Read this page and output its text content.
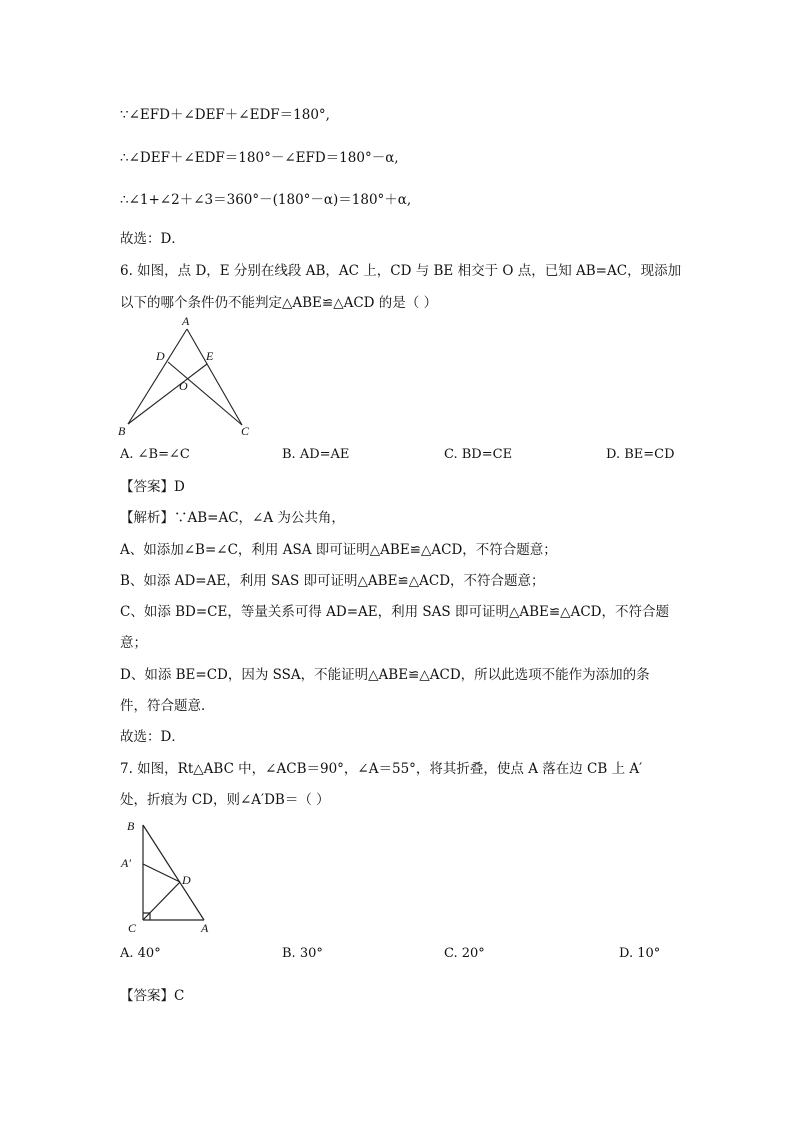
∵∠EFD＋∠DEF＋∠EDF＝180°,
∴∠DEF＋∠EDF＝180°－∠EFD＝180°－α,
∴∠1+∠2＋∠3＝360°－(180°－α)＝180°＋α,
故选：D．
6. 如图，点 D，E 分别在线段 AB，AC 上，CD 与 BE 相交于 O 点，已知 AB=AC，现添加
以下的哪个条件仍不能判定△ABE≌△ACD 的是（ ）
A
D	E
O
B	C
A. ∠B=∠C	B. AD=AE	C. BD=CE	D. BE=CD
【答案】D
【解析】∵AB=AC，∠A 为公共角，
A、如添加∠B=∠C，利用 ASA 即可证明△ABE≌△ACD，不符合题意；
B、如添 AD=AE，利用 SAS 即可证明△ABE≌△ACD，不符合题意；
C、如添 BD=CE，等量关系可得 AD=AE，利用 SAS 即可证明△ABE≌△ACD，不符合题
意；
D、如添 BE=CD，因为 SSA，不能证明△ABE≌△ACD，所以此选项不能作为添加的条
件，符合题意．
故选：D．
7. 如图，Rt△ABC 中，∠ACB＝90°，∠A＝55°，将其折叠，使点 A 落在边 CB 上 A′
处，折痕为 CD，则∠A′DB＝（ ）
B
A′
D
C	A
A. 40°	B. 30°	C. 20°	D. 10°
【答案】C
